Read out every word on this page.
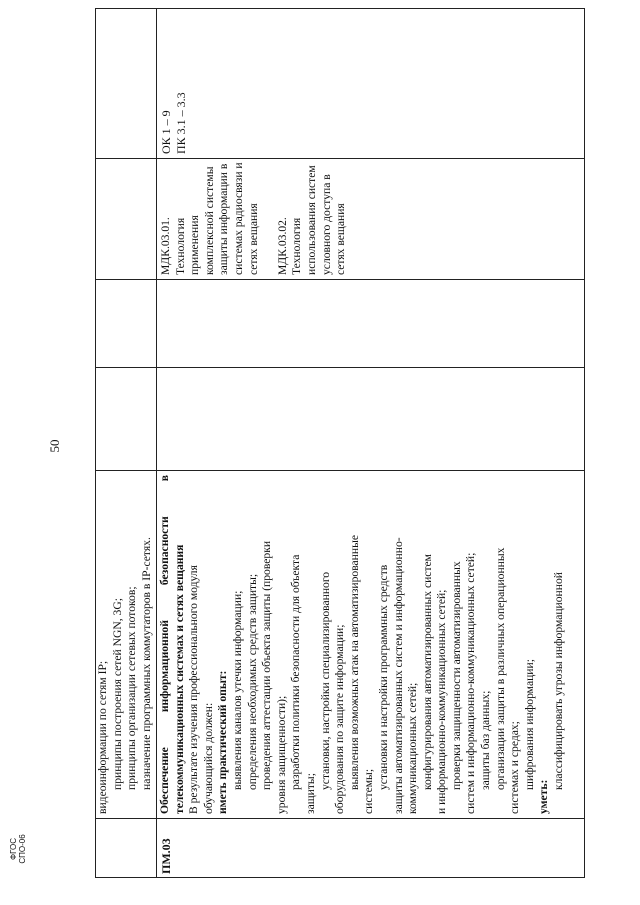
50
ФГОС СПО-06
видеоинформации по сетям IP; принципы построения сетей NGN, 3G; принципы организации сетевых потоков; назначение программных коммутаторов в IP-сетях.
ПМ.03
Обеспечение
информационной
безопасности
в
телекоммуникационных системах и сетях вещания В результате изучения профессионального модуля обучающийся должен: иметь практический опыт: выявления каналов утечки информации; определения необходимых средств защиты; проведения аттестации объекта защиты (проверки уровня защищенности); разработки политики безопасности для объекта
защиты;
установки, настройки специализированного оборудования по защите информации; выявления возможных атак на автоматизированные
системы;
установки и настройки программных средств защиты автоматизированных систем и информационно- коммуникационных сетей; конфигурирования автоматизированных систем и информационно-коммуникационных сетей; проверки защищенности автоматизированных систем и информационно-коммуникационных сетей; защиты баз данных; организации защиты в различных операционных системах и средах; шифрования информации;
уметь:
классифицировать угрозы информационной
МДК.03.01. Технология применения комплексной системы защиты информации в системах радиосвязи и сетях вещания МДК.03.02. Технология использования систем условного доступа в сетях вещания
ОК 1 – 9 ПК 3.1 – 3.3
